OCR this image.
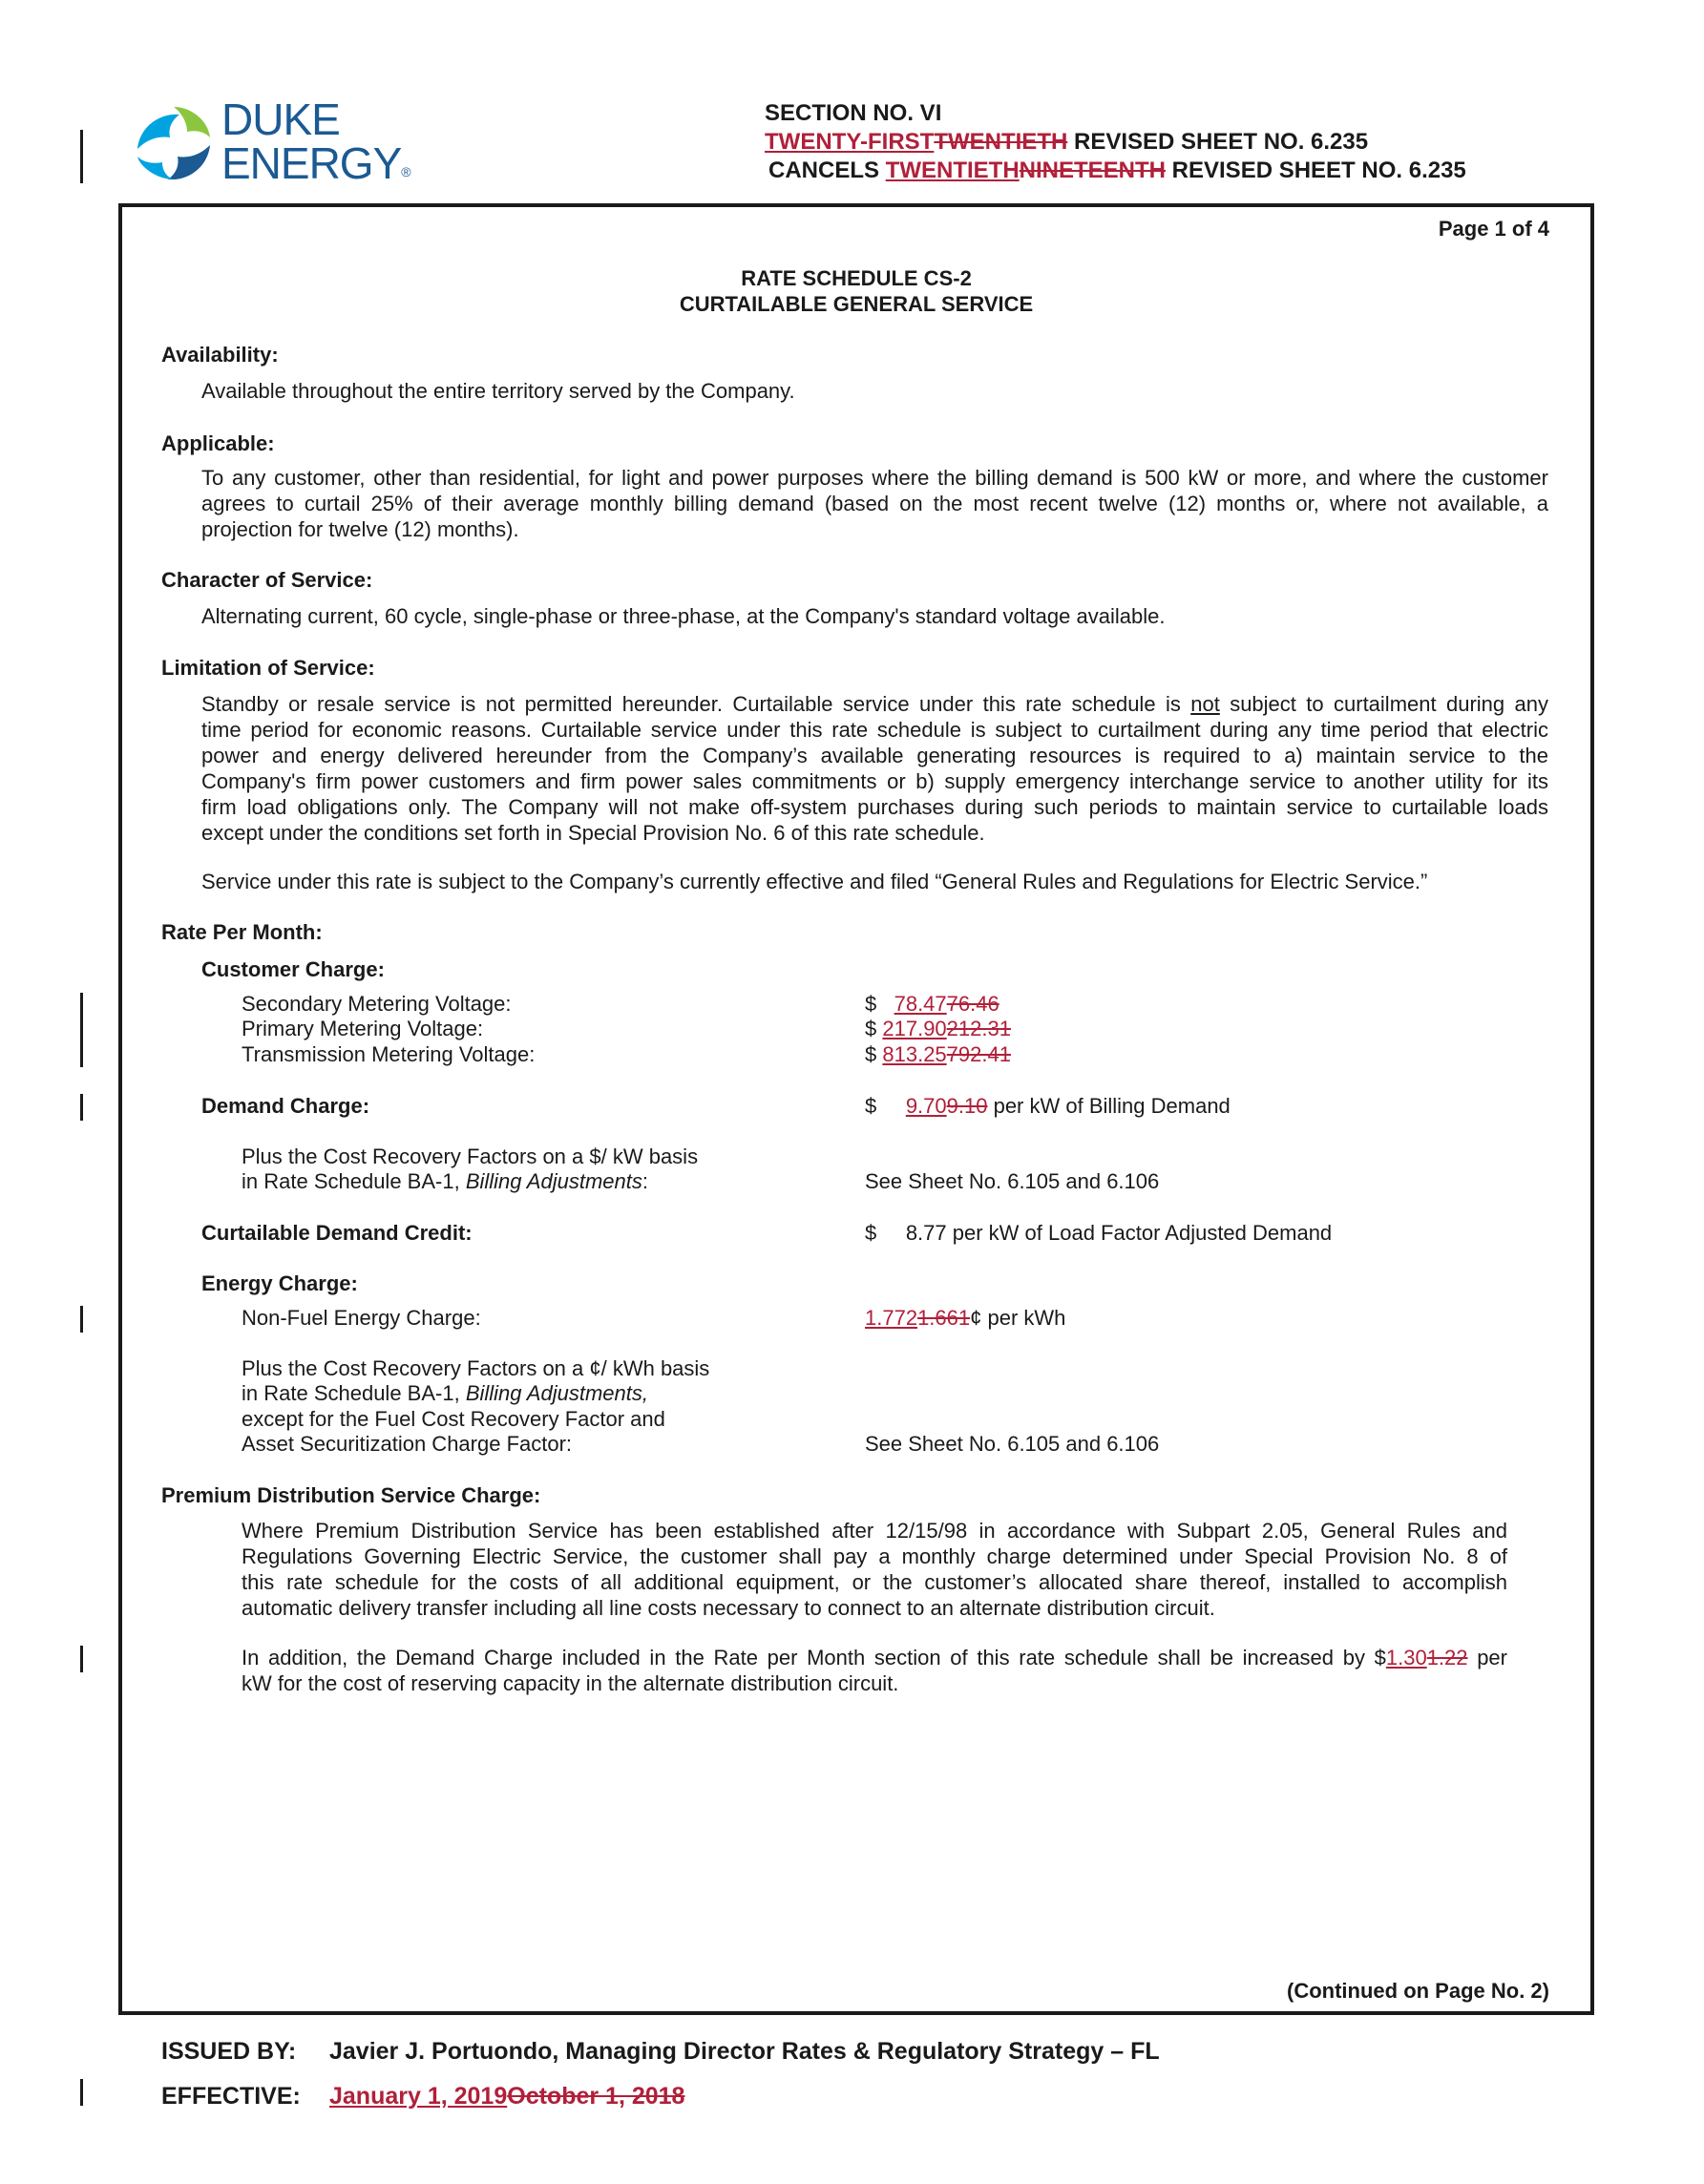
DUKE
ENERGY®
SECTION NO. VI
TWENTY-FIRSTTWENTIETH REVISED SHEET NO. 6.235
CANCELS TWENTIETHNINETEENTH REVISED SHEET NO. 6.235
Page 1 of 4
RATE SCHEDULE CS-2
CURTAILABLE GENERAL SERVICE
Availability:
Available throughout the entire territory served by the Company.
Applicable:
To any customer, other than residential, for light and power purposes where the billing demand is 500 kW or more, and where the customer
agrees to curtail 25% of their average monthly billing demand (based on the most recent twelve (12) months or, where not available, a
projection for twelve (12) months).
Character of Service:
Alternating current, 60 cycle, single-phase or three-phase, at the Company's standard voltage available.
Limitation of Service:
Standby or resale service is not permitted hereunder. Curtailable service under this rate schedule is not subject to curtailment during any
time period for economic reasons. Curtailable service under this rate schedule is subject to curtailment during any time period that electric
power and energy delivered hereunder from the Company’s available generating resources is required to a) maintain service to the
Company's firm power customers and firm power sales commitments or b) supply emergency interchange service to another utility for its
firm load obligations only. The Company will not make off-system purchases during such periods to maintain service to curtailable loads
except under the conditions set forth in Special Provision No. 6 of this rate schedule.
Service under this rate is subject to the Company’s currently effective and filed “General Rules and Regulations for Electric Service.”
Rate Per Month:
Customer Charge:
Secondary Metering Voltage:	$ 78.4776.46
Primary Metering Voltage:	$ 217.90212.31
Transmission Metering Voltage:	$ 813.25792.41
Demand Charge:	$ 9.709.10 per kW of Billing Demand
Plus the Cost Recovery Factors on a $/ kW basis
in Rate Schedule BA-1, Billing Adjustments:	See Sheet No. 6.105 and 6.106
Curtailable Demand Credit:	$ 8.77 per kW of Load Factor Adjusted Demand
Energy Charge:
Non-Fuel Energy Charge:	1.7721.661¢ per kWh
Plus the Cost Recovery Factors on a ¢/ kWh basis
in Rate Schedule BA-1, Billing Adjustments,
except for the Fuel Cost Recovery Factor and
Asset Securitization Charge Factor:	See Sheet No. 6.105 and 6.106
Premium Distribution Service Charge:
Where Premium Distribution Service has been established after 12/15/98 in accordance with Subpart 2.05, General Rules and
Regulations Governing Electric Service, the customer shall pay a monthly charge determined under Special Provision No. 8 of
this rate schedule for the costs of all additional equipment, or the customer’s allocated share thereof, installed to accomplish
automatic delivery transfer including all line costs necessary to connect to an alternate distribution circuit.
In addition, the Demand Charge included in the Rate per Month section of this rate schedule shall be increased by $1.301.22 per
kW for the cost of reserving capacity in the alternate distribution circuit.
(Continued on Page No. 2)
ISSUED BY: Javier J. Portuondo, Managing Director Rates & Regulatory Strategy – FL
EFFECTIVE: January 1, 2019October 1, 2018
